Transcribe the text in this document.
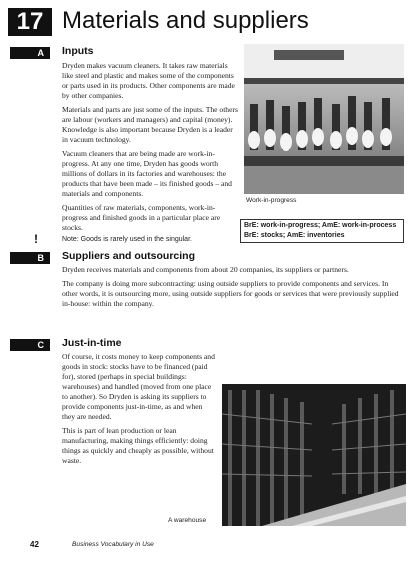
17 Materials and suppliers
A	Inputs

Dryden makes vacuum cleaners. It takes raw materials like steel and plastic and makes some of the components or parts used in its products. Other components are made by other companies.

Materials and parts are just some of the inputs. The others are labour (workers and managers) and capital (money). Knowledge is also important because Dryden is a leader in vacuum technology.

Vacuum cleaners that are being made are work-in-progress. At any one time, Dryden has goods worth millions of dollars in its factories and warehouses: the products that have been made – its finished goods – and materials and components.

Quantities of raw materials, components, work-in-progress and finished goods in a particular place are stocks.

Work-in-progress
BrE: work-in-progress; AmE: work-in-process
BrE: stocks; AmE: inventories
!	Note: Goods is rarely used in the singular.
B	Suppliers and outsourcing

Dryden receives materials and components from about 20 companies, its suppliers or partners.

The company is doing more subcontracting: using outside suppliers to provide components and services. In other words, it is outsourcing more, using outside suppliers for goods or services that were previously supplied in-house: within the company.

C	Just-in-time

Of course, it costs money to keep components and goods in stock: stocks have to be financed (paid for), stored (perhaps in special buildings: warehouses) and handled (moved from one place to another). So Dryden is asking its suppliers to provide components just-in-time, as and when they are needed.

This is part of lean production or lean manufacturing, making things efficiently: doing things as quickly and cheaply as possible, without waste.

A warehouse
42	Business Vocabulary in Use
